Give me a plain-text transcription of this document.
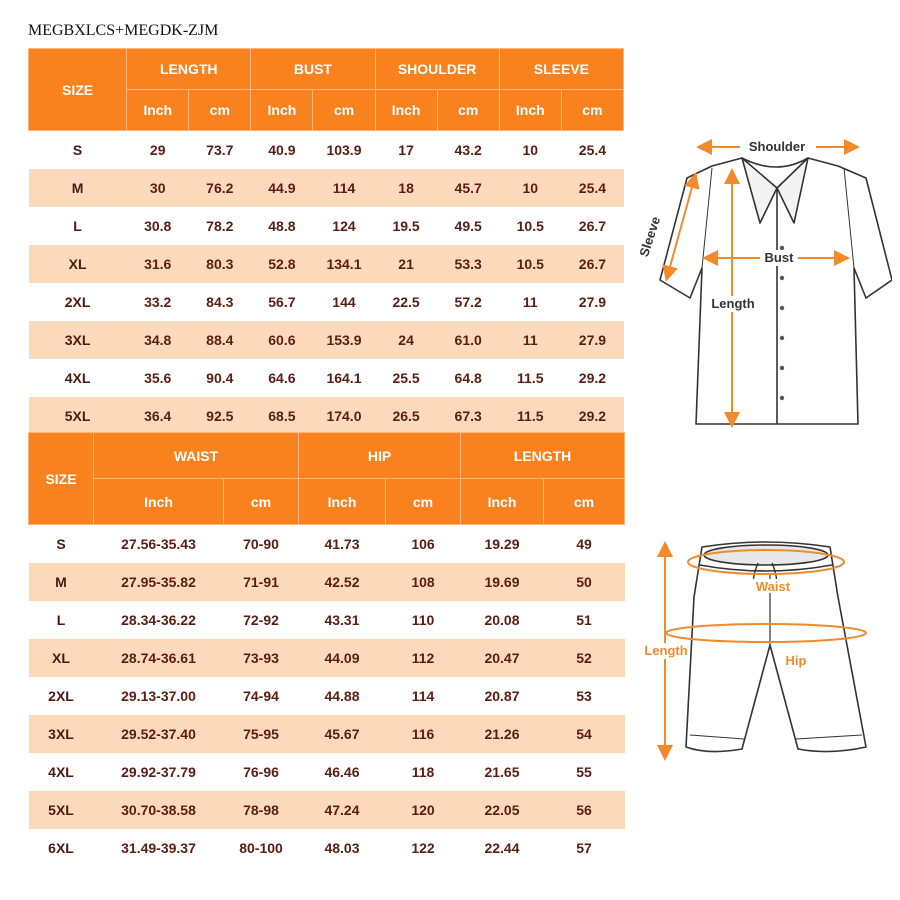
MEGBXLCS+MEGDK-ZJM
SIZE	LENGTH		BUST		SHOULDER		SLEEVE	
	Inch	cm	Inch	cm	Inch	cm	Inch	cm
S	29	73.7	40.9	103.9	17	43.2	10	25.4
M	30	76.2	44.9	114	18	45.7	10	25.4
L	30.8	78.2	48.8	124	19.5	49.5	10.5	26.7
XL	31.6	80.3	52.8	134.1	21	53.3	10.5	26.7
2XL	33.2	84.3	56.7	144	22.5	57.2	11	27.9
3XL	34.8	88.4	60.6	153.9	24	61.0	11	27.9
4XL	35.6	90.4	64.6	164.1	25.5	64.8	11.5	29.2
5XL	36.4	92.5	68.5	174.0	26.5	67.3	11.5	29.2
SIZE	WAIST		HIP		LENGTH	
	Inch	cm	Inch	cm	Inch	cm
S	27.56-35.43	70-90	41.73	106	19.29	49
M	27.95-35.82	71-91	42.52	108	19.69	50
L	28.34-36.22	72-92	43.31	110	20.08	51
XL	28.74-36.61	73-93	44.09	112	20.47	52
2XL	29.13-37.00	74-94	44.88	114	20.87	53
3XL	29.52-37.40	75-95	45.67	116	21.26	54
4XL	29.92-37.79	76-96	46.46	118	21.65	55
5XL	30.70-38.58	78-98	47.24	120	22.05	56
6XL	31.49-39.37	80-100	48.03	122	22.44	57
Shoulder
Bust
Length
Sleeve
Waist
Length
Hip
